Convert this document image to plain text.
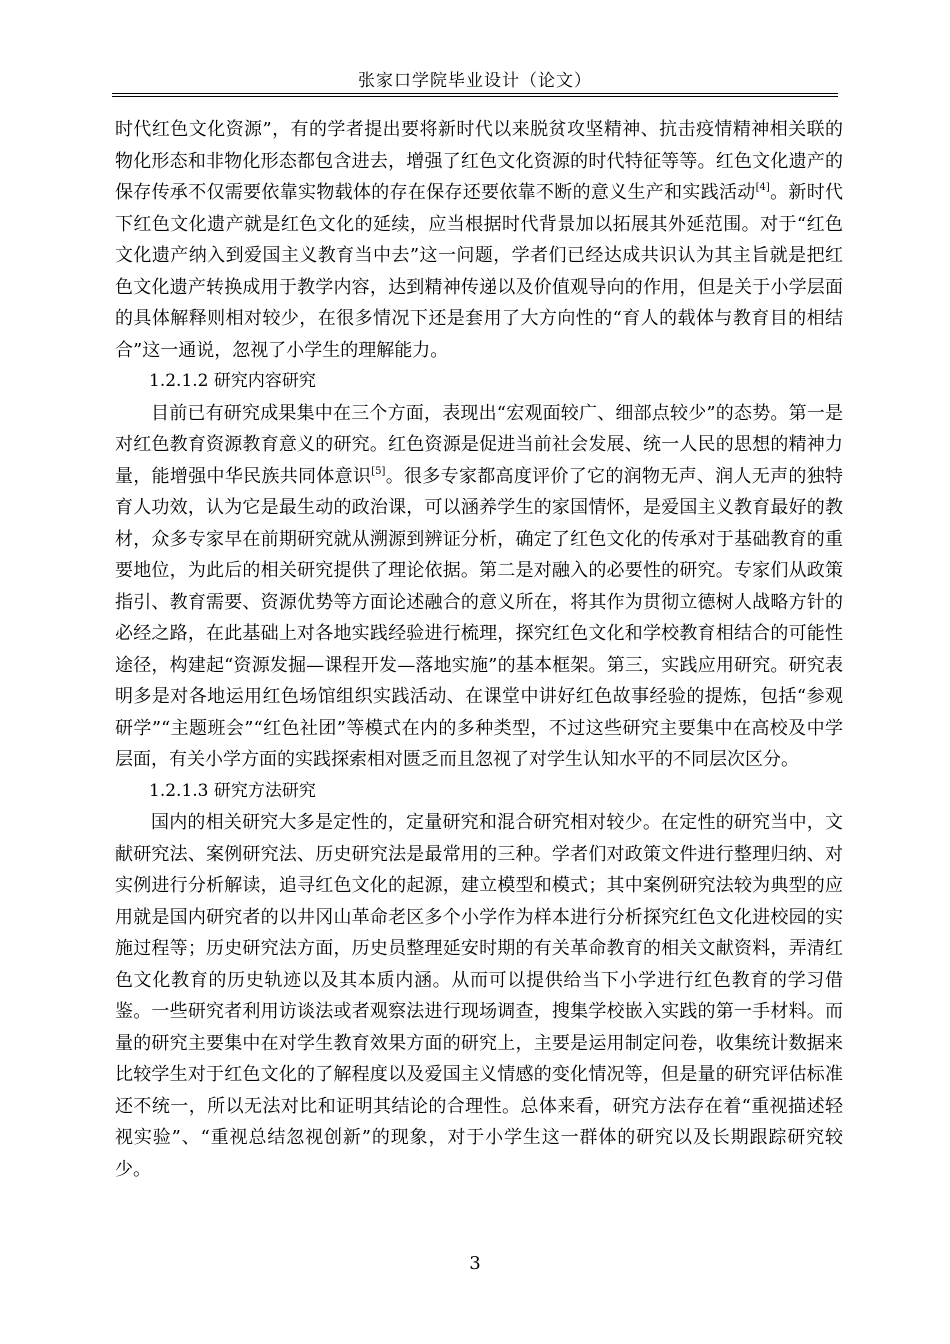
张家口学院毕业设计（论文）

时代红色文化资源”，有的学者提出要将新时代以来脱贫攻坚精神、抗击疫情精神相关联的物化形态和非物化形态都包含进去，增强了红色文化资源的时代特征等等。红色文化遗产的保存传承不仅需要依靠实物载体的存在保存还要依靠不断的意义生产和实践活动[4]。新时代下红色文化遗产就是红色文化的延续，应当根据时代背景加以拓展其外延范围。对于“红色文化遗产纳入到爱国主义教育当中去”这一问题，学者们已经达成共识认为其主旨就是把红色文化遗产转换成用于教学内容，达到精神传递以及价值观导向的作用，但是关于小学层面的具体解释则相对较少，在很多情况下还是套用了大方向性的“育人的载体与教育目的相结合”这一通说，忽视了小学生的理解能力。

1.2.1.2 研究内容研究

目前已有研究成果集中在三个方面，表现出“宏观面较广、细部点较少”的态势。第一是对红色教育资源教育意义的研究。红色资源是促进当前社会发展、统一人民的思想的精神力量，能增强中华民族共同体意识[5]。很多专家都高度评价了它的润物无声、润人无声的独特育人功效，认为它是最生动的政治课，可以涵养学生的家国情怀，是爱国主义教育最好的教材，众多专家早在前期研究就从溯源到辨证分析，确定了红色文化的传承对于基础教育的重要地位，为此后的相关研究提供了理论依据。第二是对融入的必要性的研究。专家们从政策指引、教育需要、资源优势等方面论述融合的意义所在，将其作为贯彻立德树人战略方针的必经之路，在此基础上对各地实践经验进行梳理，探究红色文化和学校教育相结合的可能性途径，构建起“资源发掘—课程开发—落地实施”的基本框架。第三，实践应用研究。研究表明多是对各地运用红色场馆组织实践活动、在课堂中讲好红色故事经验的提炼，包括“参观研学”“主题班会”“红色社团”等模式在内的多种类型，不过这些研究主要集中在高校及中学层面，有关小学方面的实践探索相对匮乏而且忽视了对学生认知水平的不同层次区分。

1.2.1.3 研究方法研究

国内的相关研究大多是定性的，定量研究和混合研究相对较少。在定性的研究当中，文献研究法、案例研究法、历史研究法是最常用的三种。学者们对政策文件进行整理归纳、对实例进行分析解读，追寻红色文化的起源，建立模型和模式；其中案例研究法较为典型的应用就是国内研究者的以井冈山革命老区多个小学作为样本进行分析探究红色文化进校园的实施过程等；历史研究法方面，历史员整理延安时期的有关革命教育的相关文献资料，弄清红色文化教育的历史轨迹以及其本质内涵。从而可以提供给当下小学进行红色教育的学习借鉴。一些研究者利用访谈法或者观察法进行现场调查，搜集学校嵌入实践的第一手材料。而量的研究主要集中在对学生教育效果方面的研究上，主要是运用制定问卷，收集统计数据来比较学生对于红色文化的了解程度以及爱国主义情感的变化情况等，但是量的研究评估标准还不统一，所以无法对比和证明其结论的合理性。总体来看，研究方法存在着“重视描述轻视实验”、“重视总结忽视创新”的现象，对于小学生这一群体的研究以及长期跟踪研究较少。

3
